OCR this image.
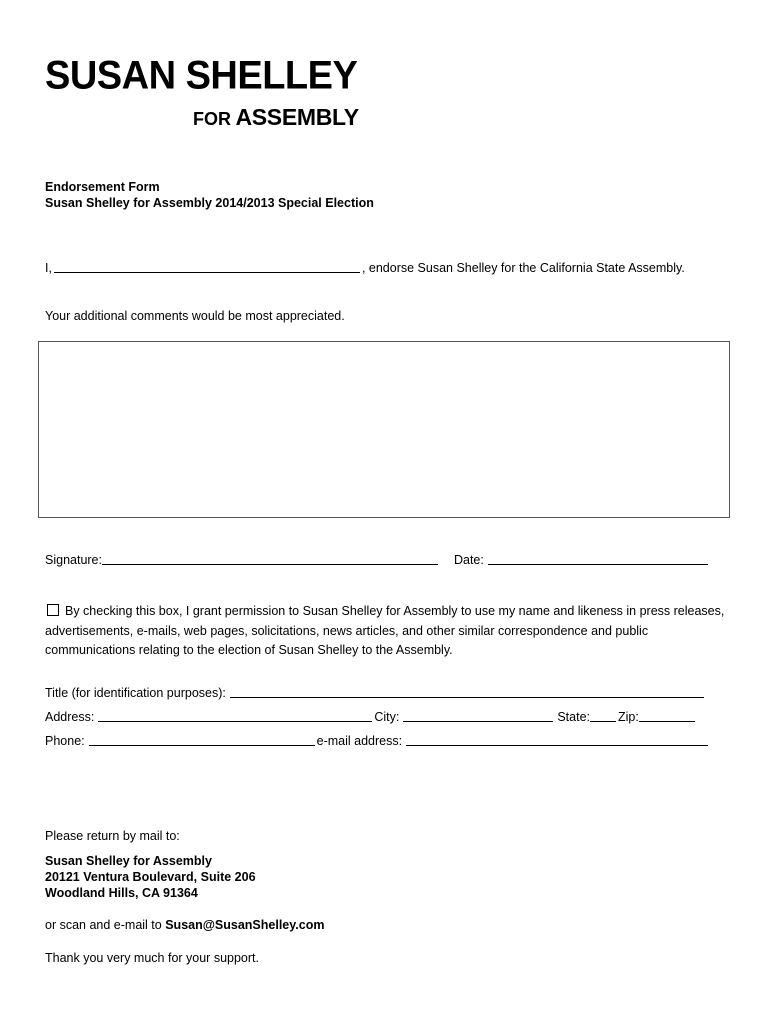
SUSAN SHELLEY
FOR ASSEMBLY
Endorsement Form
Susan Shelley for Assembly 2014/2013 Special Election
I,	, endorse Susan Shelley for the California State Assembly.
Your additional comments would be most appreciated.
Signature:	Date:
By checking this box, I grant permission to Susan Shelley for Assembly to use my name and likeness in press releases, advertisements, e-mails, web pages, solicitations, news articles, and other similar correspondence and public communications relating to the election of Susan Shelley to the Assembly.
Title (for identification purposes):
Address:	City:	State: Zip:
Phone:	e-mail address:
Please return by mail to:
Susan Shelley for Assembly
20121 Ventura Boulevard, Suite 206
Woodland Hills, CA 91364
or scan and e-mail to Susan@SusanShelley.com
Thank you very much for your support.
